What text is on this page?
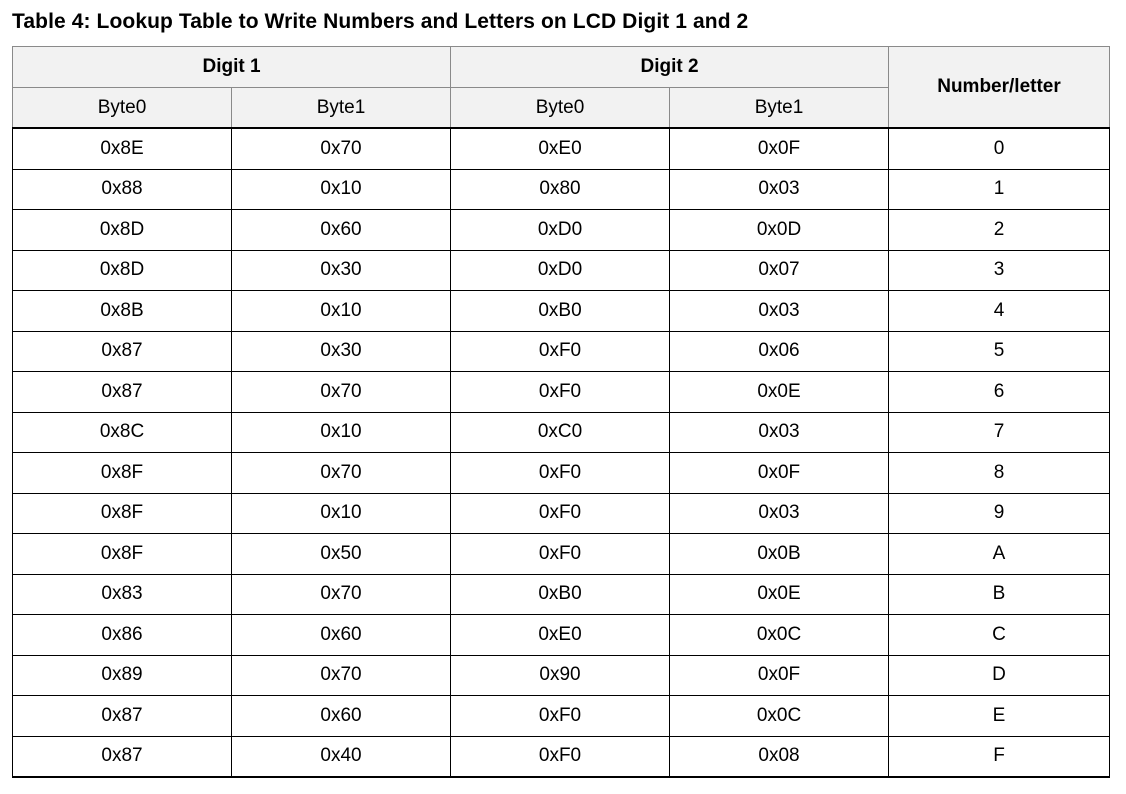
Table 4: Lookup Table to Write Numbers and Letters on LCD Digit 1 and 2
Digit 1		Digit 2		Number/letter
Byte0	Byte1	Byte0	Byte1	
0x8E	0x70	0xE0	0x0F	0
0x88	0x10	0x80	0x03	1
0x8D	0x60	0xD0	0x0D	2
0x8D	0x30	0xD0	0x07	3
0x8B	0x10	0xB0	0x03	4
0x87	0x30	0xF0	0x06	5
0x87	0x70	0xF0	0x0E	6
0x8C	0x10	0xC0	0x03	7
0x8F	0x70	0xF0	0x0F	8
0x8F	0x10	0xF0	0x03	9
0x8F	0x50	0xF0	0x0B	A
0x83	0x70	0xB0	0x0E	B
0x86	0x60	0xE0	0x0C	C
0x89	0x70	0x90	0x0F	D
0x87	0x60	0xF0	0x0C	E
0x87	0x40	0xF0	0x08	F
